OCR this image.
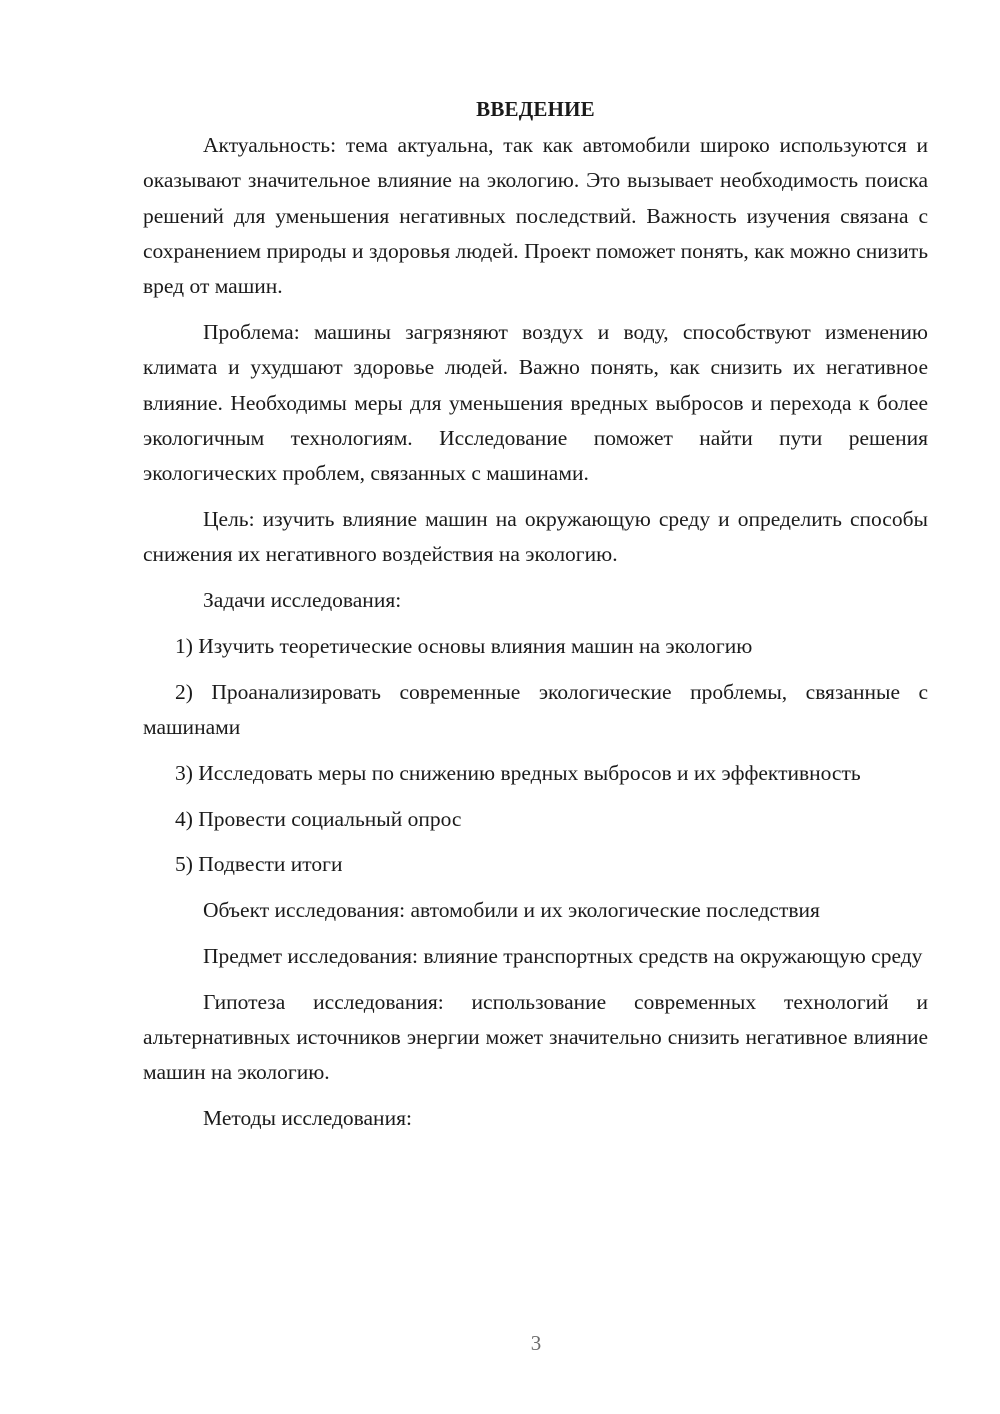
ВВЕДЕНИЕ

Актуальность: тема актуальна, так как автомобили широко используются и оказывают значительное влияние на экологию. Это вызывает необходимость поиска решений для уменьшения негативных последствий. Важность изучения связана с сохранением природы и здоровья людей. Проект поможет понять, как можно снизить вред от машин.

Проблема: машины загрязняют воздух и воду, способствуют изменению климата и ухудшают здоровье людей. Важно понять, как снизить их негативное влияние. Необходимы меры для уменьшения вредных выбросов и перехода к более экологичным технологиям. Исследование поможет найти пути решения экологических проблем, связанных с машинами.

Цель: изучить влияние машин на окружающую среду и определить способы снижения их негативного воздействия на экологию.

Задачи исследования:

1) Изучить теоретические основы влияния машин на экологию

2) Проанализировать современные экологические проблемы, связанные с машинами

3) Исследовать меры по снижению вредных выбросов и их эффективность

4) Провести социальный опрос

5) Подвести итоги

Объект исследования: автомобили и их экологические последствия

Предмет исследования: влияние транспортных средств на окружающую среду

Гипотеза исследования: использование современных технологий и альтернативных источников энергии может значительно снизить негативное влияние машин на экологию.

Методы исследования:

3
